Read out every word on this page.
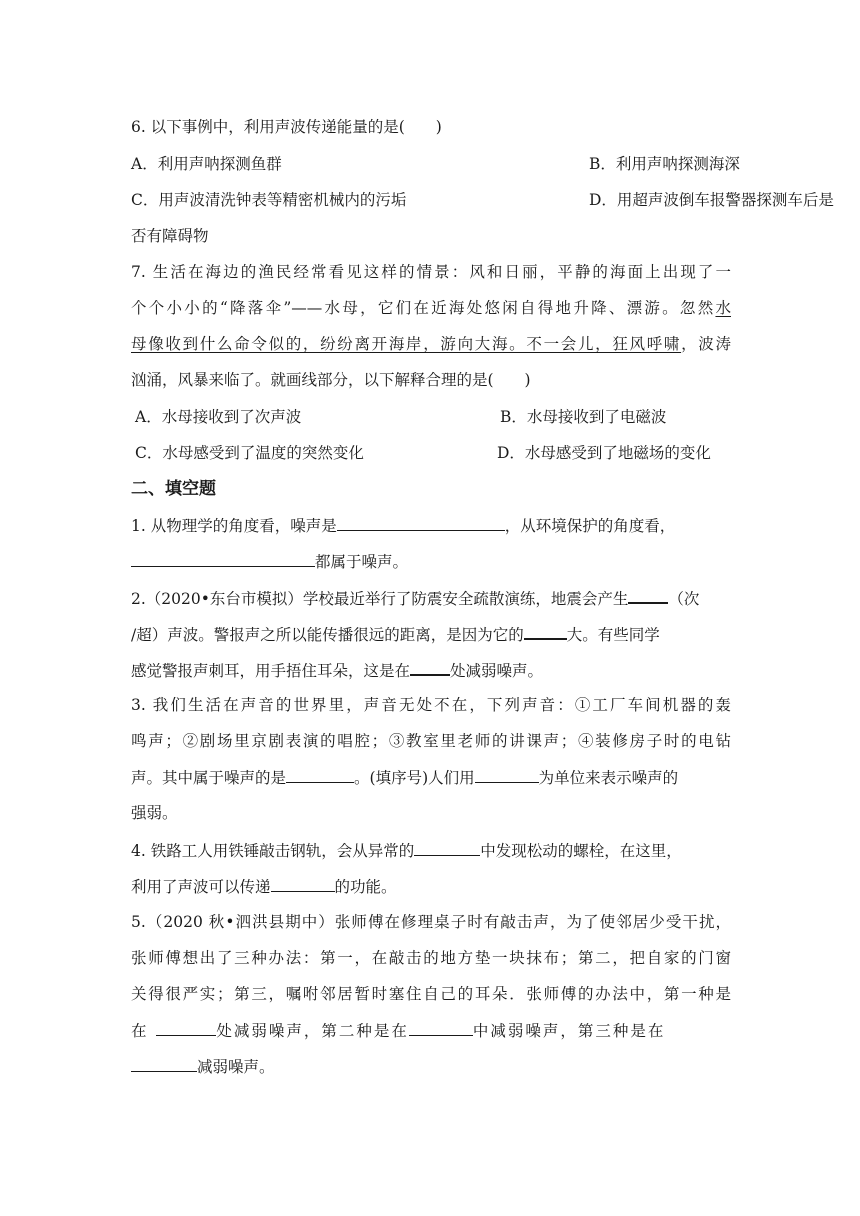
6. 以下事例中，利用声波传递能量的是(　　)
A．利用声呐探测鱼群	B．利用声呐探测海深
C．用声波清洗钟表等精密机械内的污垢	D．用超声波倒车报警器探测车后是
否有障碍物
7. 生活在海边的渔民经常看见这样的情景：风和日丽，平静的海面上出现了一
个个小小的“降落伞”——水母，它们在近海处悠闲自得地升降、漂游。忽然水
母像收到什么命令似的，纷纷离开海岸，游向大海。不一会儿，狂风呼啸，波涛
汹涌，风暴来临了。就画线部分，以下解释合理的是(　　)
A．水母接收到了次声波	B．水母接收到了电磁波
C．水母感受到了温度的突然变化	D．水母感受到了地磁场的变化
二、填空题
1. 从物理学的角度看，噪声是	，从环境保护的角度看，
都属于噪声。
2.（2020•东台市模拟）学校最近举行了防震安全疏散演练，地震会产生	（次
/超）声波。警报声之所以能传播很远的距离，是因为它的	大。有些同学
感觉警报声刺耳，用手捂住耳朵，这是在	处减弱噪声。
3. 我们生活在声音的世界里，声音无处不在，下列声音：①工厂车间机器的轰
鸣声；②剧场里京剧表演的唱腔；③教室里老师的讲课声；④装修房子时的电钻
声。其中属于噪声的是	。(填序号)人们用	为单位来表示噪声的
强弱。
4. 铁路工人用铁锤敲击钢轨，会从异常的	中发现松动的螺栓，在这里，
利用了声波可以传递	的功能。
5.（2020 秋•泗洪县期中）张师傅在修理桌子时有敲击声，为了使邻居少受干扰，
张师傅想出了三种办法：第一，在敲击的地方垫一块抹布；第二，把自家的门窗
关得很严实；第三，嘱咐邻居暂时塞住自己的耳朵．张师傅的办法中，第一种是
在	处减弱噪声，第二种是在	中减弱噪声，第三种是在
减弱噪声。
